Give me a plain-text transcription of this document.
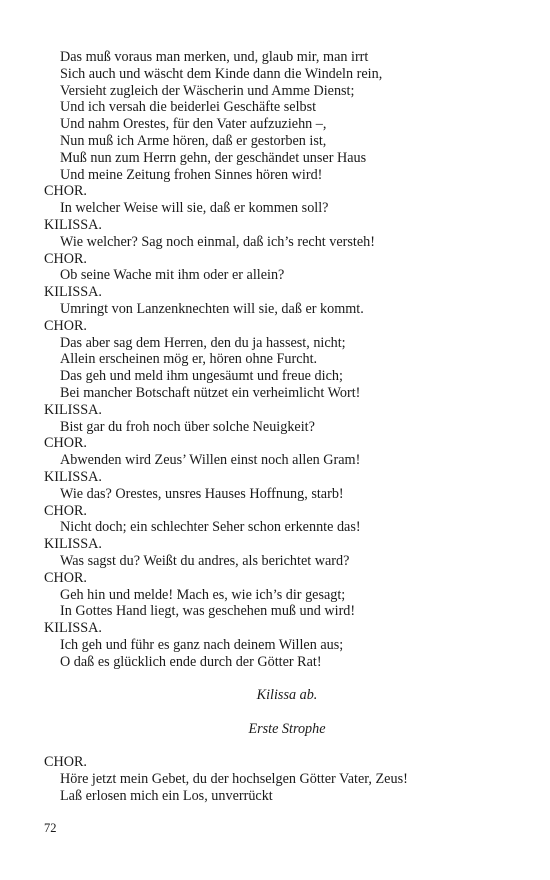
Das muß voraus man merken, und, glaub mir, man irrt
Sich auch und wäscht dem Kinde dann die Windeln rein,
Versieht zugleich der Wäscherin und Amme Dienst;
Und ich versah die beiderlei Geschäfte selbst
Und nahm Orestes, für den Vater aufzuziehn –,
Nun muß ich Arme hören, daß er gestorben ist,
Muß nun zum Herrn gehn, der geschändet unser Haus
Und meine Zeitung frohen Sinnes hören wird!
CHOR.
In welcher Weise will sie, daß er kommen soll?
KILISSA.
Wie welcher? Sag noch einmal, daß ich’s recht versteh!
CHOR.
Ob seine Wache mit ihm oder er allein?
KILISSA.
Umringt von Lanzenknechten will sie, daß er kommt.
CHOR.
Das aber sag dem Herren, den du ja hassest, nicht;
Allein erscheinen mög er, hören ohne Furcht.
Das geh und meld ihm ungesäumt und freue dich;
Bei mancher Botschaft nützet ein verheimlicht Wort!
KILISSA.
Bist gar du froh noch über solche Neuigkeit?
CHOR.
Abwenden wird Zeus’ Willen einst noch allen Gram!
KILISSA.
Wie das? Orestes, unsres Hauses Hoffnung, starb!
CHOR.
Nicht doch; ein schlechter Seher schon erkennte das!
KILISSA.
Was sagst du? Weißt du andres, als berichtet ward?
CHOR.
Geh hin und melde! Mach es, wie ich’s dir gesagt;
In Gottes Hand liegt, was geschehen muß und wird!
KILISSA.
Ich geh und führ es ganz nach deinem Willen aus;
O daß es glücklich ende durch der Götter Rat!
Kilissa ab.
Erste Strophe
CHOR.
Höre jetzt mein Gebet, du der hochselgen Götter Vater, Zeus!
Laß erlosen mich ein Los, unverrückt
72
